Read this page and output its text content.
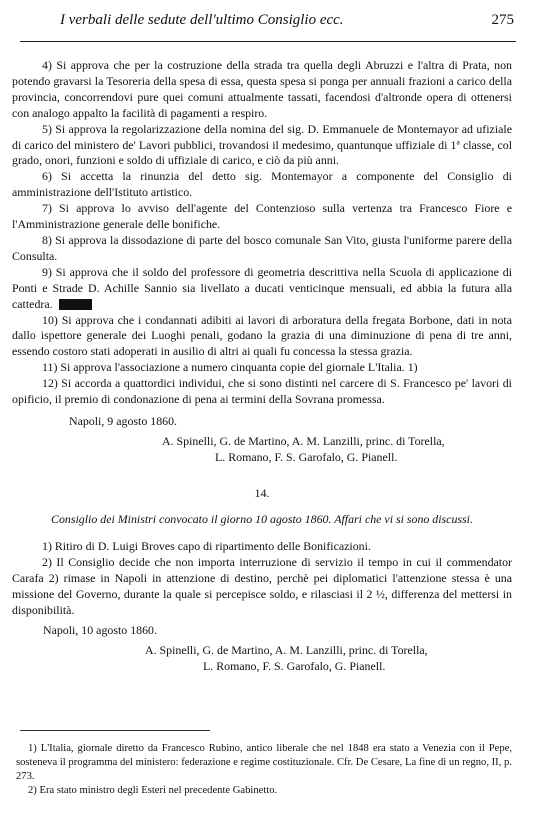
I verbali delle sedute dell'ultimo Consiglio ecc.	275

4) Si approva che per la costruzione della strada tra quella degli Abruzzi e l'altra di Prata, non potendo gravarsi la Tesoreria della spesa di essa, questa spesa si ponga per annuali frazioni a carico della provincia, concorrendovi pure quei comuni attualmente tassati, facendosi d'altronde opera di ottenersi con analogo appalto la facilità di pagamenti a respiro.

5) Si approva la regolarizzazione della nomina del sig. D. Emmanuele de Montemayor ad ufiziale di carico del ministero de' Lavori pubblici, trovandosi il medesimo, quantunque uffiziale di 1ª classe, col grado, onori, funzioni e soldo di uffiziale di carico, e ciò da più anni.

6) Si accetta la rinunzia del detto sig. Montemayor a componente del Consiglio di amministrazione dell'Istituto artistico.

7) Si approva lo avviso dell'agente del Contenzioso sulla vertenza tra Francesco Fiore e l'Amministrazione generale delle bonifiche.

8) Si approva la dissodazione di parte del bosco comunale San Vito, giusta l'uniforme parere della Consulta.

9) Si approva che il soldo del professore di geometria descrittiva nella Scuola di applicazione di Ponti e Strade D. Achille Sannio sia livellato a ducati venticinque mensuali, ed abbia la futura alla cattedra.

10) Si approva che i condannati adibiti ai lavori di arboratura della fregata Borbone, dati in nota dallo ispettore generale dei Luoghi penali, godano la grazia di una diminuzione di pena di tre anni, essendo costoro stati adoperati in ausilio di altri ai quali fu concessa la stessa grazia.

11) Si approva l'associazione a numero cinquanta copie del giornale L'Italia. 1)

12) Si accorda a quattordici individui, che si sono distinti nel carcere di S. Francesco pe' lavori di opificio, il premio di condonazione di pena ai termini della Sovrana promessa.

Napoli, 9 agosto 1860.

A. Spinelli, G. de Martino, A. M. Lanzilli, princ. di Torella,
L. Romano, F. S. Garofalo, G. Pianell.
14.
Consiglio dei Ministri convocato il giorno 10 agosto 1860. Affari che vi si sono discussi.

1) Ritiro di D. Luigi Broves capo di ripartimento delle Bonificazioni.

2) Il Consiglio decide che non importa interruzione di servizio il tempo in cui il commendator Carafa 2) rimase in Napoli in attenzione di destino, perchè pei diplomatici l'attenzione stessa è una missione del Governo, durante la quale si percepisce soldo, e rilasciasi il 2 ½, differenza del mettersi in disponibilità.

Napoli, 10 agosto 1860.

A. Spinelli, G. de Martino, A. M. Lanzilli, princ. di Torella,
L. Romano, F. S. Garofalo, G. Pianell.

1) L'Italia, giornale diretto da Francesco Rubino, antico liberale che nel 1848 era stato a Venezia con il Pepe, sosteneva il programma del ministero: federazione e regime costituzionale. Cfr. De Cesare, La fine di un regno, II, p. 273.

2) Era stato ministro degli Esteri nel precedente Gabinetto.
